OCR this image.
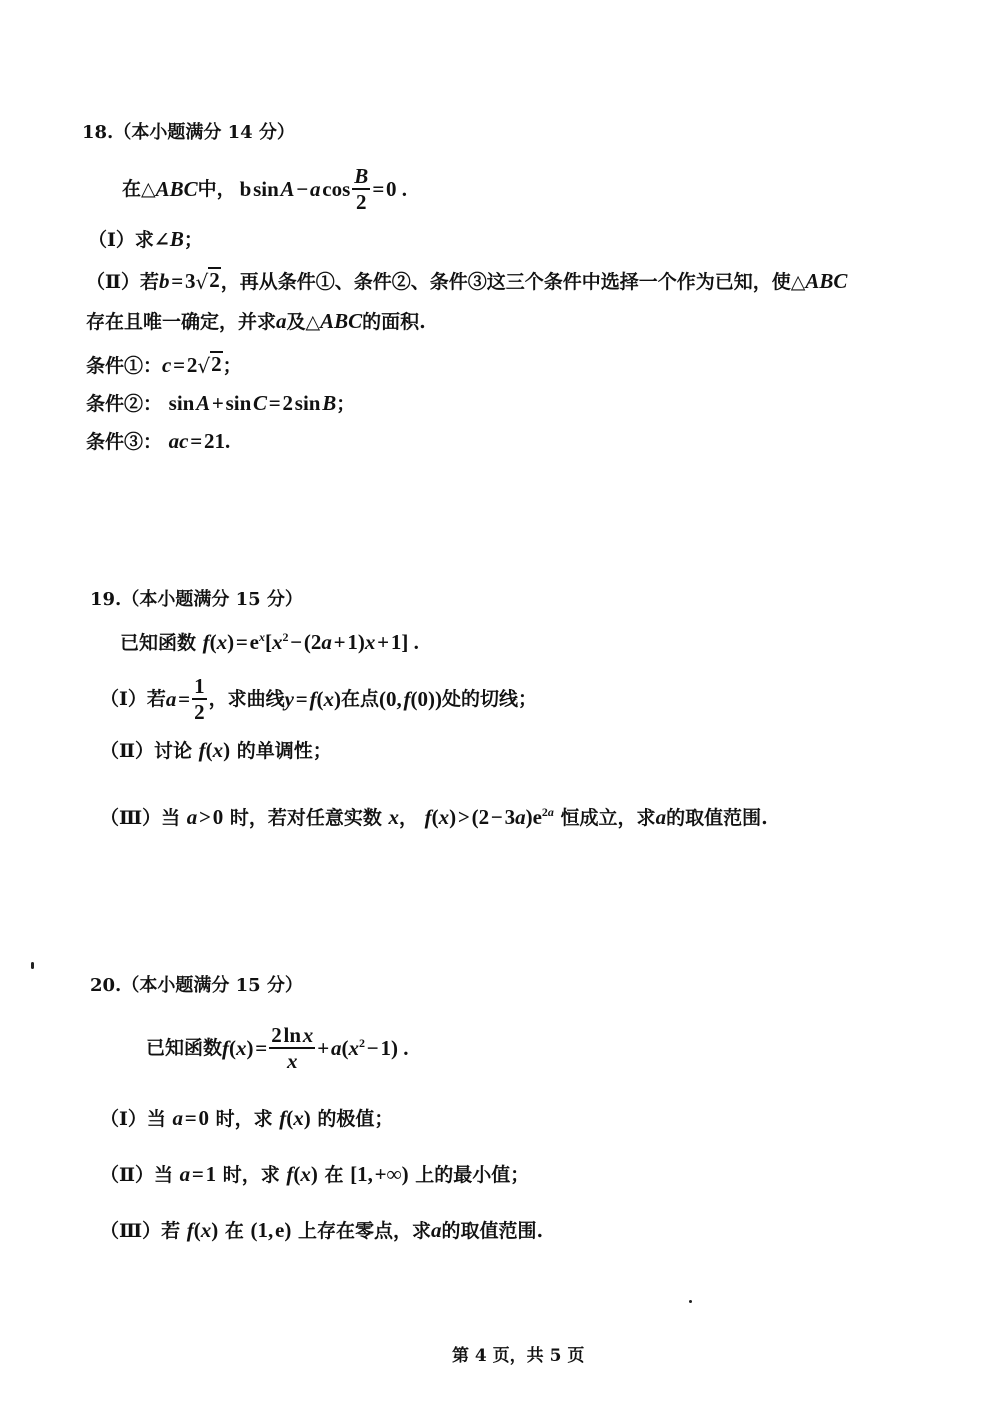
18.（本小题满分 14 分）
在△ ABC 中， b sin A − a $\cos \frac{B}{2}$ = 0 .
（Ⅰ）求∠B；
（Ⅱ）若 b = 3 √ 2 ，再从条件①、条件②、条件③这三个条件中选择一个作为已知，使△ ABC
存在且唯一确定，并求a及△ABC的面积.
条件①： c = 2 √ 2 ；
条件②： sin A + sin C = 2 sin B；
条件③： ac = 21.
19.（本小题满分 15 分）
已知函数 f(x) = $e^x[x^2$ − (2a + 1)x + 1] .
（Ⅰ）若 a = $\frac{1}{2}$ ，求曲线 y = f(x) 在点 (0, f(0)) 处的切线；
（Ⅱ）讨论 f(x) 的单调性；
（Ⅲ）当 a > 0 时，若对任意实数 x， f(x) > (2 − $3a)e^{2a}$ 恒成立，求a的取值范围.
20.（本小题满分 15 分）
已知函数 f(x) = $\frac{\text{2 ln x}}{x}$ + $a(x^2$ − 1) .
（Ⅰ）当 a = 0 时，求 f(x) 的极值；
（Ⅱ）当 a = 1 时，求 f(x) 在 [1, +∞) 上的最小值；
（Ⅲ）若 f(x) 在 (1, e) 上存在零点，求a的取值范围.
第 4 页，共 5 页
